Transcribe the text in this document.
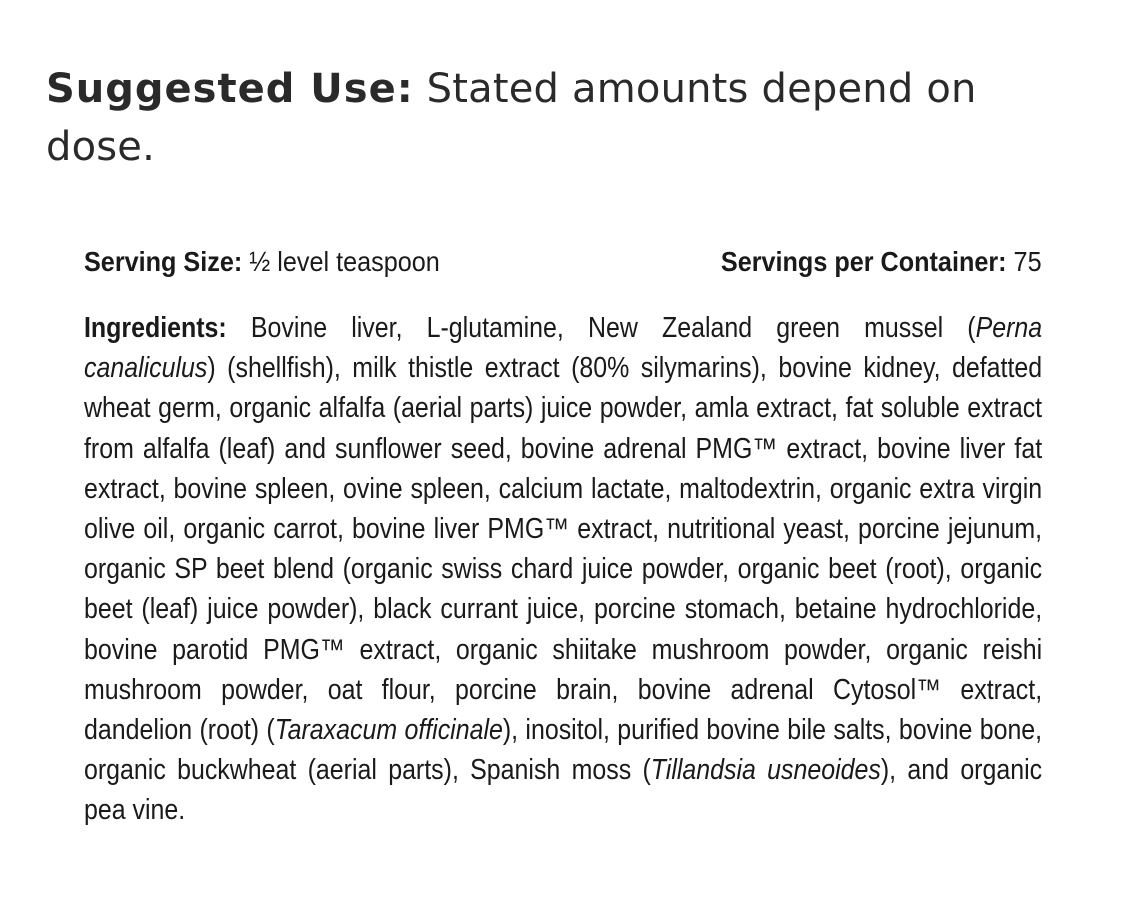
Suggested Use: Stated amounts depend on dose.
Serving Size: ½ level teaspoon	Servings per Container: 75
Ingredients: Bovine liver, L-glutamine, New Zealand green mussel (Perna canaliculus) (shellfish), milk thistle extract (80% silymarins), bovine kidney, defatted wheat germ, organic alfalfa (aerial parts) juice powder, amla extract, fat soluble extract from alfalfa (leaf) and sunflower seed, bovine adrenal PMG™ extract, bovine liver fat extract, bovine spleen, ovine spleen, calcium lactate, maltodextrin, organic extra virgin olive oil, organic carrot, bovine liver PMG™ extract, nutritional yeast, porcine jejunum, organic SP beet blend (organic swiss chard juice powder, organic beet (root), organic beet (leaf) juice powder), black currant juice, porcine stomach, betaine hydrochloride, bovine parotid PMG™ extract, organic shiitake mushroom powder, organic reishi mushroom powder, oat flour, porcine brain, bovine adrenal Cytosol™ extract, dandelion (root) (Taraxacum officinale), inositol, purified bovine bile salts, bovine bone, organic buckwheat (aerial parts), Spanish moss (Tillandsia usneoides), and organic pea vine.
